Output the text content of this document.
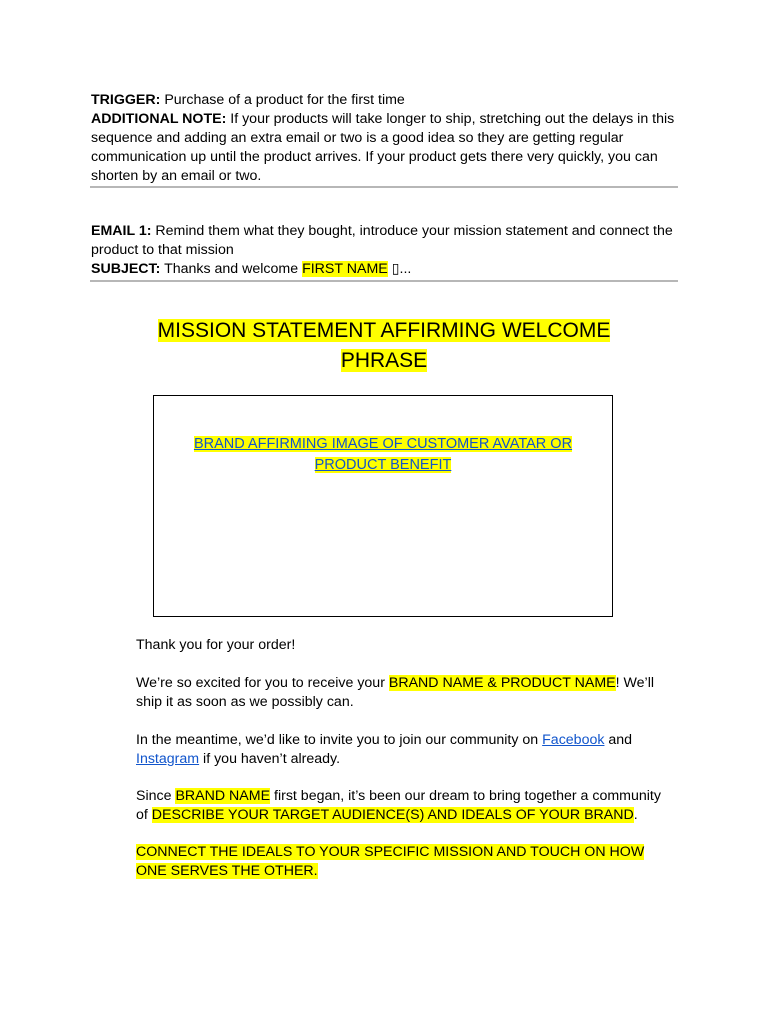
TRIGGER: Purchase of a product for the first time

ADDITIONAL NOTE: If your products will take longer to ship, stretching out the delays in this sequence and adding an extra email or two is a good idea so they are getting regular communication up until the product arrives. If your product gets there very quickly, you can shorten by an email or two.

EMAIL 1: Remind them what they bought, introduce your mission statement and connect the product to that mission

SUBJECT: Thanks and welcome FIRST NAME ▯...

MISSION STATEMENT AFFIRMING WELCOME PHRASE
BRAND AFFIRMING IMAGE OF CUSTOMER AVATAR OR PRODUCT BENEFIT

Thank you for your order!

We’re so excited for you to receive your BRAND NAME & PRODUCT NAME! We’ll ship it as soon as we possibly can.

In the meantime, we’d like to invite you to join our community on Facebook and Instagram if you haven’t already.

Since BRAND NAME first began, it’s been our dream to bring together a community of DESCRIBE YOUR TARGET AUDIENCE(S) AND IDEALS OF YOUR BRAND.

CONNECT THE IDEALS TO YOUR SPECIFIC MISSION AND TOUCH ON HOW ONE SERVES THE OTHER.
